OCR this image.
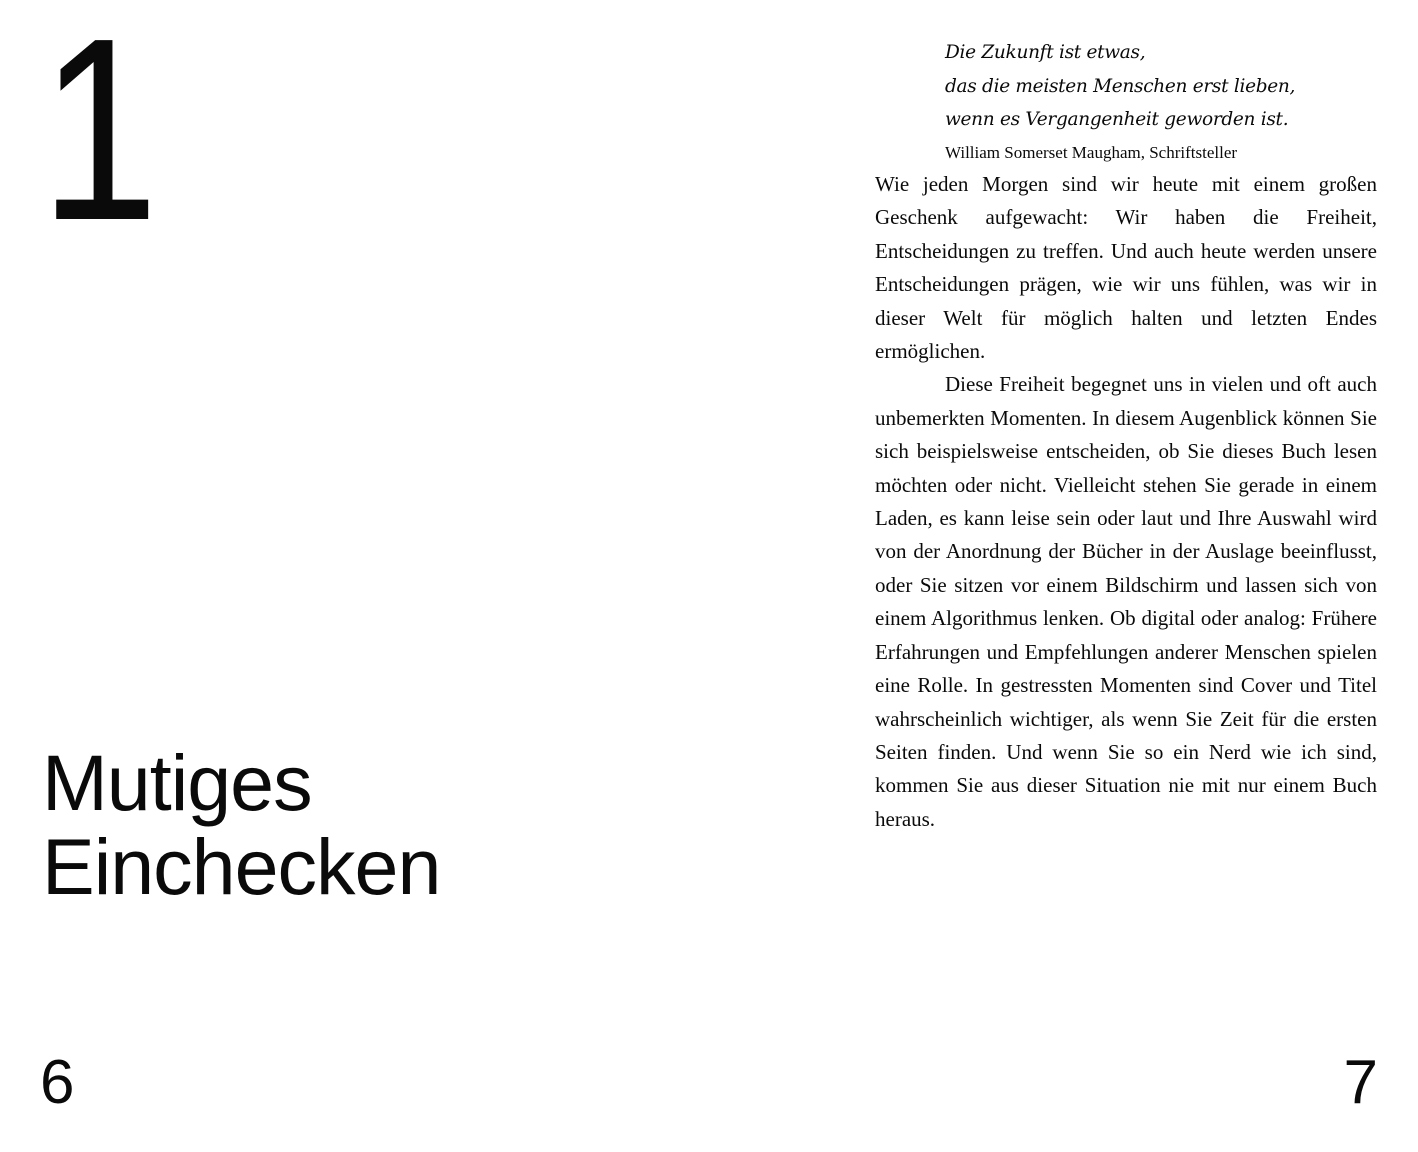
1
Mutiges
Einchecken
6
Die Zukunft ist etwas,
das die meisten Menschen erst lieben,
wenn es Vergangenheit geworden ist.
William Somerset Maugham, Schriftsteller

Wie jeden Morgen sind wir heute mit einem großen Geschenk aufgewacht: Wir haben die Freiheit, Entscheidungen zu treffen. Und auch heute werden unsere Entscheidungen prägen, wie wir uns fühlen, was wir in dieser Welt für möglich halten und letzten Endes ermöglichen.

Diese Freiheit begegnet uns in vielen und oft auch unbemerkten Momenten. In diesem Augenblick können Sie sich beispielsweise entscheiden, ob Sie dieses Buch lesen möchten oder nicht. Vielleicht stehen Sie gerade in einem Laden, es kann leise sein oder laut und Ihre Auswahl wird von der Anordnung der Bücher in der Auslage beeinflusst, oder Sie sitzen vor einem Bildschirm und lassen sich von einem Algorithmus lenken. Ob digital oder analog: Frühere Erfahrungen und Empfehlungen anderer Menschen spielen eine Rolle. In gestressten Momenten sind Cover und Titel wahrscheinlich wichtiger, als wenn Sie Zeit für die ersten Seiten finden. Und wenn Sie so ein Nerd wie ich sind, kommen Sie aus dieser Situation nie mit nur einem Buch heraus.

7
